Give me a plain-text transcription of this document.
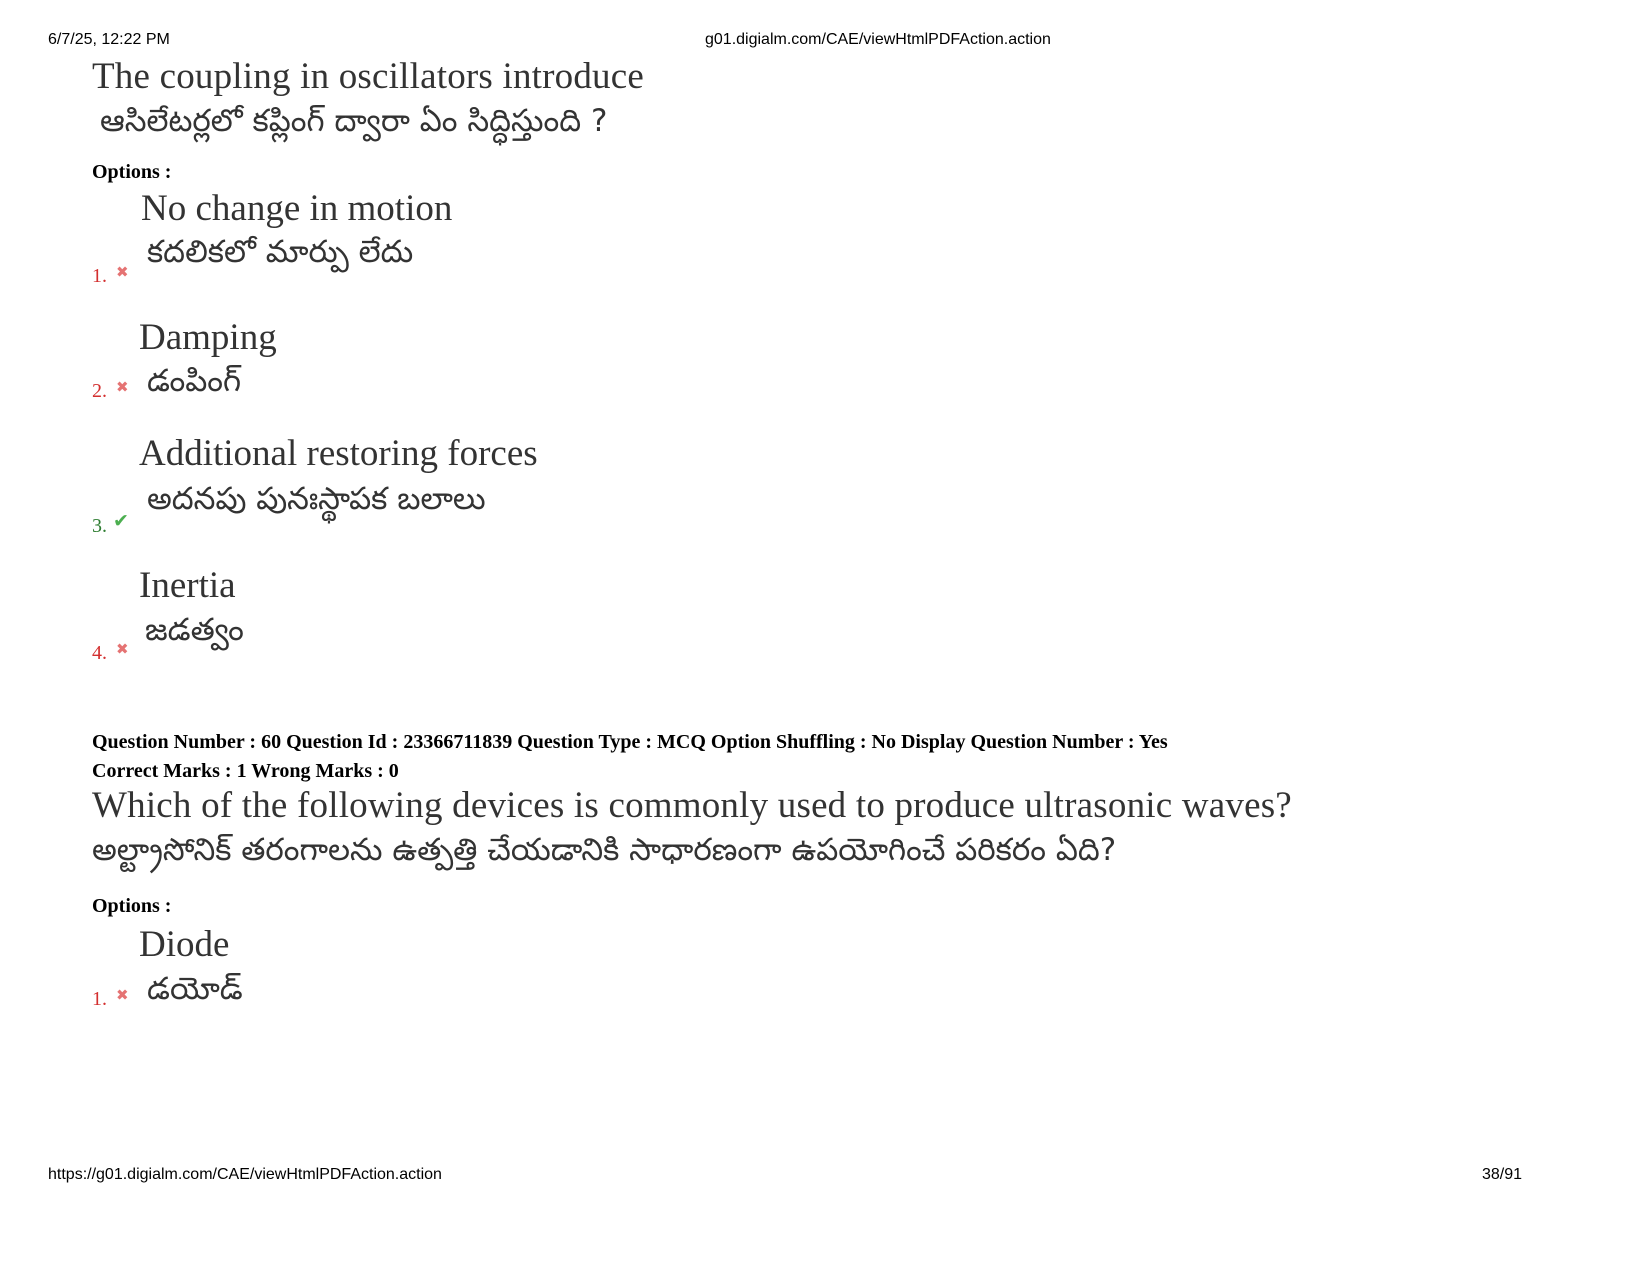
6/7/25, 12:22 PM	g01.digialm.com/CAE/viewHtmlPDFAction.action
The coupling in oscillators introduce
ఆసిలేటర్లలో కప్లింగ్ ద్వారా ఏం సిద్ధిస్తుంది ?
Options :
No change in motion
కదలికలో మార్పు లేదు
1. ✖
Damping
డంపింగ్
2. ✖
Additional restoring forces
అదనపు పునఃస్థాపక బలాలు
3. ✔
Inertia
జడత్వం
4. ✖
Question Number : 60 Question Id : 23366711839 Question Type : MCQ Option Shuffling : No Display Question Number : Yes
Correct Marks : 1 Wrong Marks : 0
Which of the following devices is commonly used to produce ultrasonic waves?
అల్ట్రాసోనిక్ తరంగాలను ఉత్పత్తి చేయడానికి సాధారణంగా ఉపయోగించే పరికరం ఏది?
Options :
Diode
డయోడ్
1. ✖
https://g01.digialm.com/CAE/viewHtmlPDFAction.action	38/91
